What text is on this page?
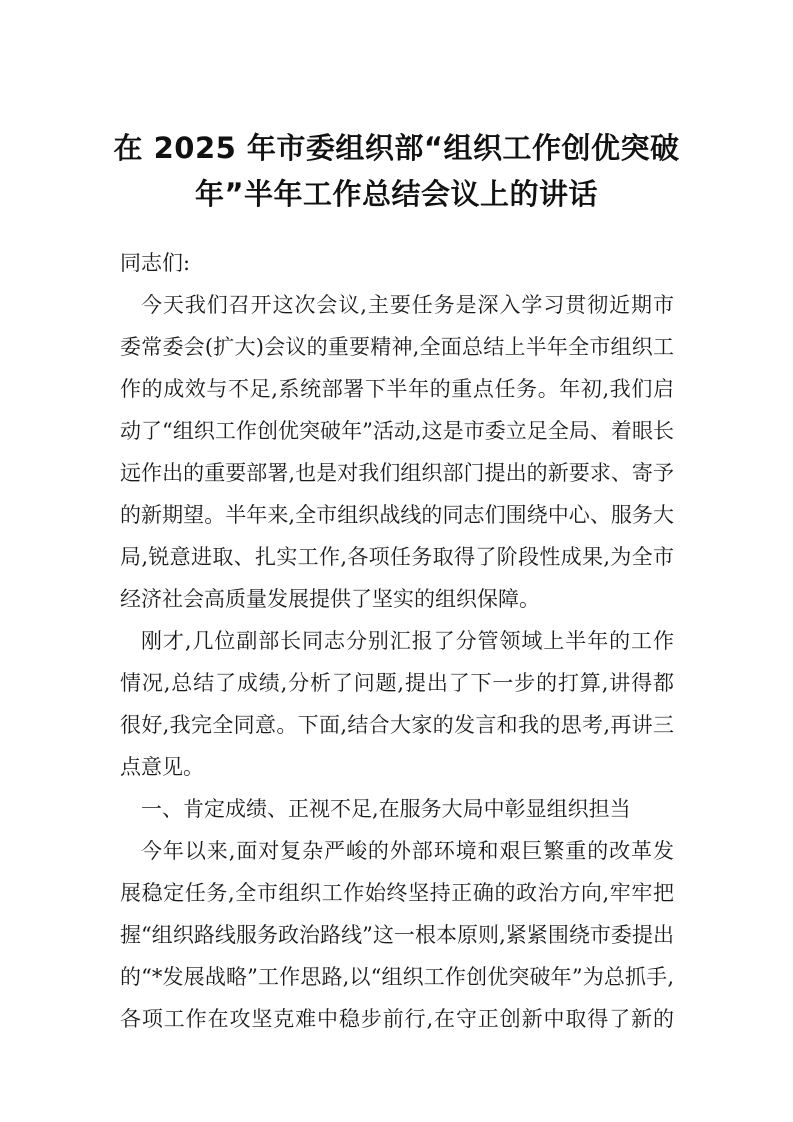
在 2025 年市委组织部“组织工作创优突破
年”半年工作总结会议上的讲话
同志们:
今天我们召开这次会议,主要任务是深入学习贯彻近期市
委常委会(扩大)会议的重要精神,全面总结上半年全市组织工
作的成效与不足,系统部署下半年的重点任务。年初,我们启
动了“组织工作创优突破年”活动,这是市委立足全局、着眼长
远作出的重要部署,也是对我们组织部门提出的新要求、寄予
的新期望。半年来,全市组织战线的同志们围绕中心、服务大
局,锐意进取、扎实工作,各项任务取得了阶段性成果,为全市
经济社会高质量发展提供了坚实的组织保障。
刚才,几位副部长同志分别汇报了分管领域上半年的工作
情况,总结了成绩,分析了问题,提出了下一步的打算,讲得都
很好,我完全同意。下面,结合大家的发言和我的思考,再讲三
点意见。
一、肯定成绩、正视不足,在服务大局中彰显组织担当
今年以来,面对复杂严峻的外部环境和艰巨繁重的改革发
展稳定任务,全市组织工作始终坚持正确的政治方向,牢牢把
握“组织路线服务政治路线”这一根本原则,紧紧围绕市委提出
的“*发展战略”工作思路,以“组织工作创优突破年”为总抓手,
各项工作在攻坚克难中稳步前行,在守正创新中取得了新的
